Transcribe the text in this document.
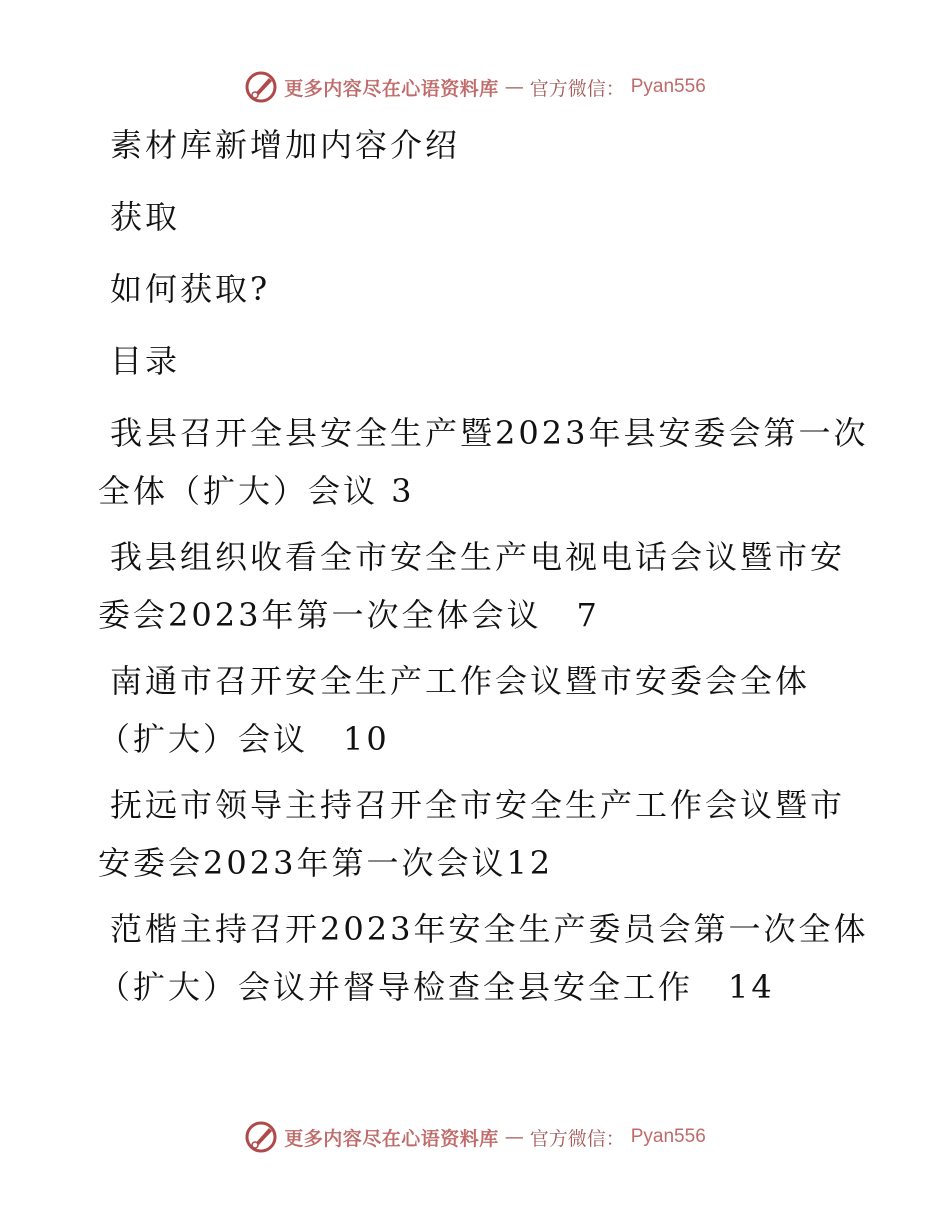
更多内容尽在心语资料库 — 官方微信： Pyan556

素材库新增加内容介绍

获取

如何获取?

目录

我县召开全县安全生产暨2023年县安委会第一次

全体（扩大）会议 3

我县组织收看全市安全生产电视电话会议暨市安

委会2023年第一次全体会议　7

南通市召开安全生产工作会议暨市安委会全体

（扩大）会议　10

抚远市领导主持召开全市安全生产工作会议暨市

安委会2023年第一次会议12

范楷主持召开2023年安全生产委员会第一次全体

（扩大）会议并督导检查全县安全工作　14

更多内容尽在心语资料库 — 官方微信： Pyan556
